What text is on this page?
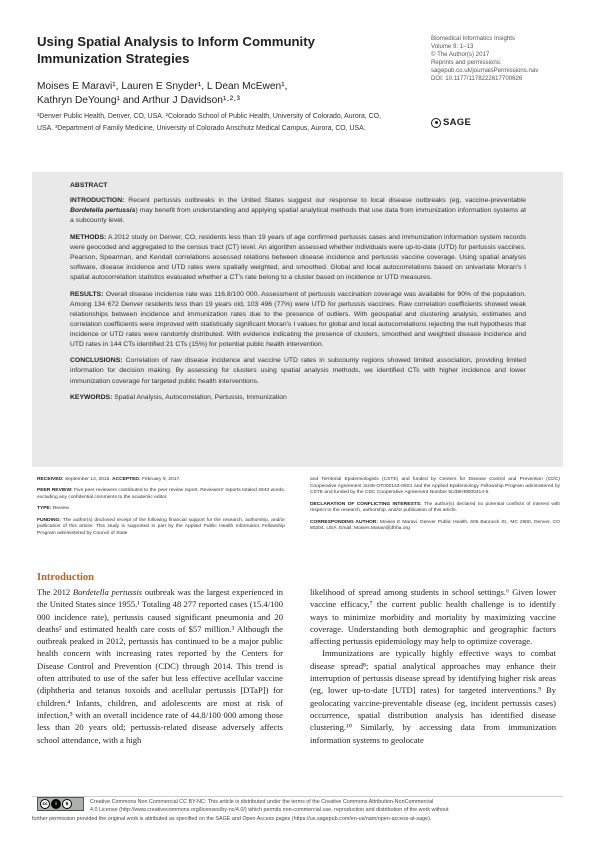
Using Spatial Analysis to Inform Community Immunization Strategies
Moises E Maravi¹, Lauren E Snyder¹, L Dean McEwen¹,
Kathryn DeYoung¹ and Arthur J Davidson¹·²·³
¹Denver Public Health, Denver, CO, USA. ²Colorado School of Public Health, University of Colorado, Aurora, CO, USA. ³Department of Family Medicine, University of Colorado Anschutz Medical Campus, Aurora, CO, USA.
Biomedical Informatics Insights
Volume 9: 1–13
© The Author(s) 2017
Reprints and permissions:
sagepub.co.uk/journalsPermissions.nav
DOI: 10.1177/1178222617700626
SAGE
ABSTRACT

INTRODUCTION: Recent pertussis outbreaks in the United States suggest our response to local disease outbreaks (eg, vaccine-preventable Bordetella pertussis) may benefit from understanding and applying spatial analytical methods that use data from immunization information systems at a subcounty level.

METHODS: A 2012 study on Denver, CO, residents less than 19 years of age confirmed pertussis cases and immunization information system records were geocoded and aggregated to the census tract (CT) level. An algorithm assessed whether individuals were up-to-date (UTD) for pertussis vaccines. Pearson, Spearman, and Kendall correlations assessed relations between disease incidence and pertussis vaccine coverage. Using spatial analysis software, disease incidence and UTD rates were spatially weighted, and smoothed. Global and local autocorrelations based on univariate Moran's I spatial autocorrelation statistics evaluated whether a CT's rate belong to a cluster based on incidence or UTD measures.

RESULTS: Overall disease incidence rate was 116.8/100 000. Assessment of pertussis vaccination coverage was available for 90% of the population. Among 134 672 Denver residents less than 19 years old, 103 496 (77%) were UTD for pertussis vaccines. Raw correlation coefficients showed weak relationships between incidence and immunization rates due to the presence of outliers. With geospatial and clustering analysis, estimates and correlation coefficients were improved with statistically significant Moran's I values for global and local autocorrelations rejecting the null hypothesis that incidence or UTD rates were randomly distributed. With evidence indicating the presence of clusters, smoothed and weighted disease incidence and UTD rates in 144 CTs identified 21 CTs (15%) for potential public health intervention.

CONCLUSIONS: Correlation of raw disease incidence and vaccine UTD rates in subcounty regions showed limited association, providing limited information for decision making. By assessing for clusters using spatial analysis methods, we identified CTs with higher incidence and lower immunization coverage for targeted public health interventions.

KEYWORDS: Spatial Analysis, Autocorrelation, Pertussis, Immunization

RECEIVED: September 13, 2016. ACCEPTED: February 9, 2017.

PEER REVIEW: Five peer reviewers contributed to the peer review report. Reviewers' reports totaled 2643 words, excluding any confidential comments to the academic editor.

TYPE: Review

FUNDING: The author(s) disclosed receipt of the following financial support for the research, authorship, and/or publication of this article: This study is supported in part by the Applied Public Health Informatics Fellowship Program administered by Council of State

and Territorial Epidemiologists (CSTE) and funded by Centers for Disease Control and Prevention (CDC) Cooperative Agreement 3U38-OT000143-05S1 and the Applied Epidemiology Fellowship Program administered by CSTE and funded by the CDC Cooperative Agreement Number 5U38HM000414-5.

DECLARATION OF CONFLICTING INTERESTS: The author(s) declared no potential conflicts of interest with respect to the research, authorship, and/or publication of this article.

CORRESPONDING AUTHOR: Moises E Maravi, Denver Public Health, 605 Bannock St., MC 2600, Denver, CO 80204, USA. Email: Moises.Maravi@dhha.org

Introduction

The 2012 Bordetella pertussis outbreak was the largest experienced in the United States since 1955.¹ Totaling 48 277 reported cases (15.4/100 000 incidence rate), pertussis caused significant pneumonia and 20 deaths² and estimated health care costs of $57 million.³ Although the outbreak peaked in 2012, pertussis has continued to be a major public health concern with increasing rates reported by the Centers for Disease Control and Prevention (CDC) through 2014. This trend is often attributed to use of the safer but less effective acellular vaccine (diphtheria and tetanus toxoids and acellular pertussis [DTaP]) for children.⁴ Infants, children, and adolescents are most at risk of infection,⁵ with an overall incidence rate of 44.8/100 000 among those less than 20 years old; pertussis-related disease adversely affects school attendance, with a high

likelihood of spread among students in school settings.⁶ Given lower vaccine efficacy,⁷ the current public health challenge is to identify ways to minimize morbidity and mortality by maximizing vaccine coverage. Understanding both demographic and geographic factors affecting pertussis epidemiology may help to optimize coverage.

Immunizations are typically highly effective ways to combat disease spread⁸; spatial analytical approaches may enhance their interruption of pertussis disease spread by identifying higher risk areas (eg, lower up-to-date [UTD] rates) for targeted interventions.⁹ By geolocating vaccine-preventable disease (eg, incident pertussis cases) occurrence, spatial distribution analysis has identified disease clustering.¹⁰ Similarly, by accessing data from immunization information systems to geolocate

Creative Commons Non Commercial CC BY-NC: This article is distributed under the terms of the Creative Commons Attribution-NonCommercial
4.0 License (http://www.creativecommons.org/licenses/by-nc/4.0/) which permits non-commercial use, reproduction and distribution of the work without
further permission provided the original work is attributed as specified on the SAGE and Open Access pages (https://us.sagepub.com/en-us/nam/open-access-at-sage).
cc	i	$
